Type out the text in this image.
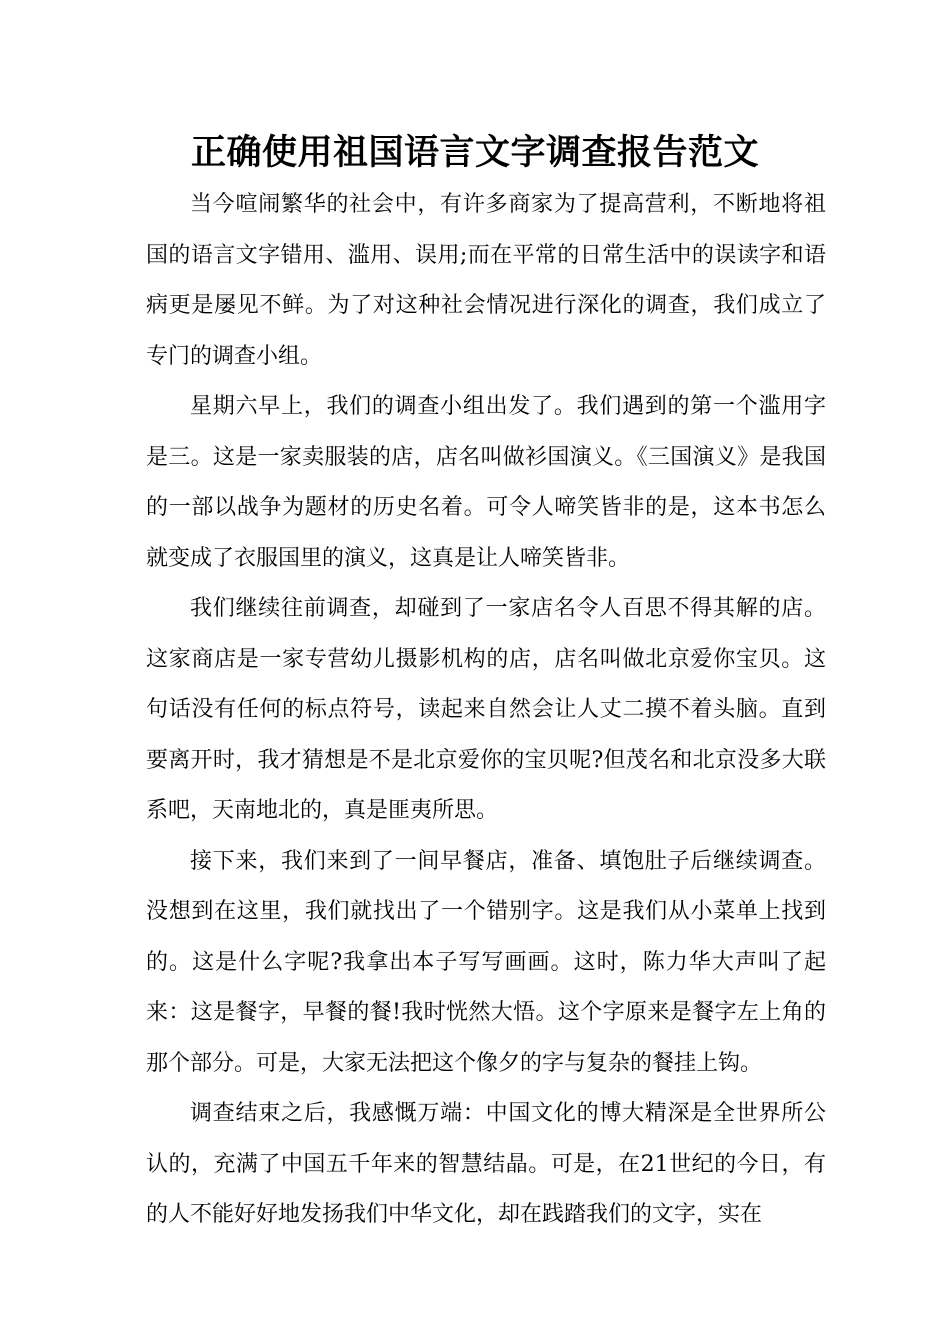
正确使用祖国语言文字调查报告范文

当今喧闹繁华的社会中，有许多商家为了提高营利，不断地将祖国的语言文字错用、滥用、误用;而在平常的日常生活中的误读字和语病更是屡见不鲜。为了对这种社会情况进行深化的调查，我们成立了专门的调查小组。

星期六早上，我们的调查小组出发了。我们遇到的第一个滥用字是三。这是一家卖服装的店，店名叫做衫国演义。《三国演义》是我国的一部以战争为题材的历史名着。可令人啼笑皆非的是，这本书怎么就变成了衣服国里的演义，这真是让人啼笑皆非。

我们继续往前调查，却碰到了一家店名令人百思不得其解的店。这家商店是一家专营幼儿摄影机构的店，店名叫做北京爱你宝贝。这句话没有任何的标点符号，读起来自然会让人丈二摸不着头脑。直到要离开时，我才猜想是不是北京爱你的宝贝呢?但茂名和北京没多大联系吧，天南地北的，真是匪夷所思。

接下来，我们来到了一间早餐店，准备、填饱肚子后继续调查。没想到在这里，我们就找出了一个错别字。这是我们从小菜单上找到的。这是什么字呢?我拿出本子写写画画。这时，陈力华大声叫了起来：这是餐字，早餐的餐!我时恍然大悟。这个字原来是餐字左上角的那个部分。可是，大家无法把这个像夕的字与复杂的餐挂上钩。

调查结束之后，我感慨万端：中国文化的博大精深是全世界所公认的，充满了中国五千年来的智慧结晶。可是，在21世纪的今日，有的人不能好好地发扬我们中华文化，却在践踏我们的文字，实在
